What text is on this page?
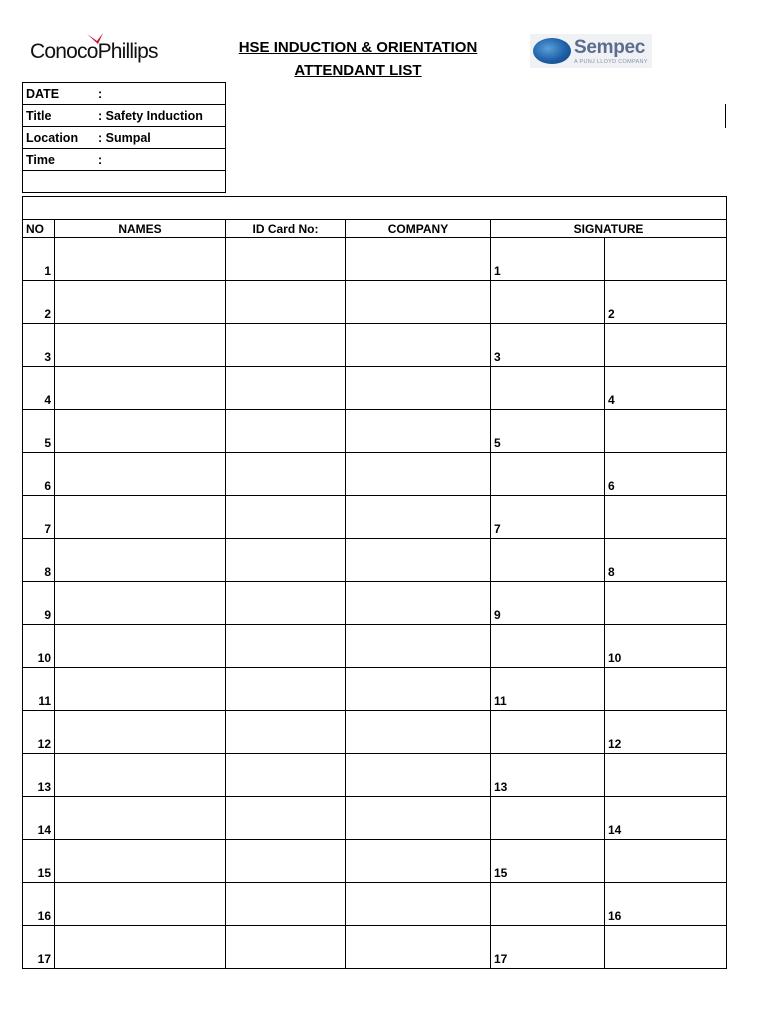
ConocoPhillips	HSE INDUCTION & ORIENTATION
ATTENDANT LIST
Sempec
A PUNJ LLOYD COMPANY
DATE	:
Title	: Safety Induction
Location : Sumpal
Time	:

NO	NAMES	ID Card No:	COMPANY	SIGNATURE	
1				1	
2					2
3				3	
4					4
5				5	
6					6
7				7	
8					8
9				9	
10					10
11				11	
12					12
13				13	
14					14
15				15	
16					16
17				17	
